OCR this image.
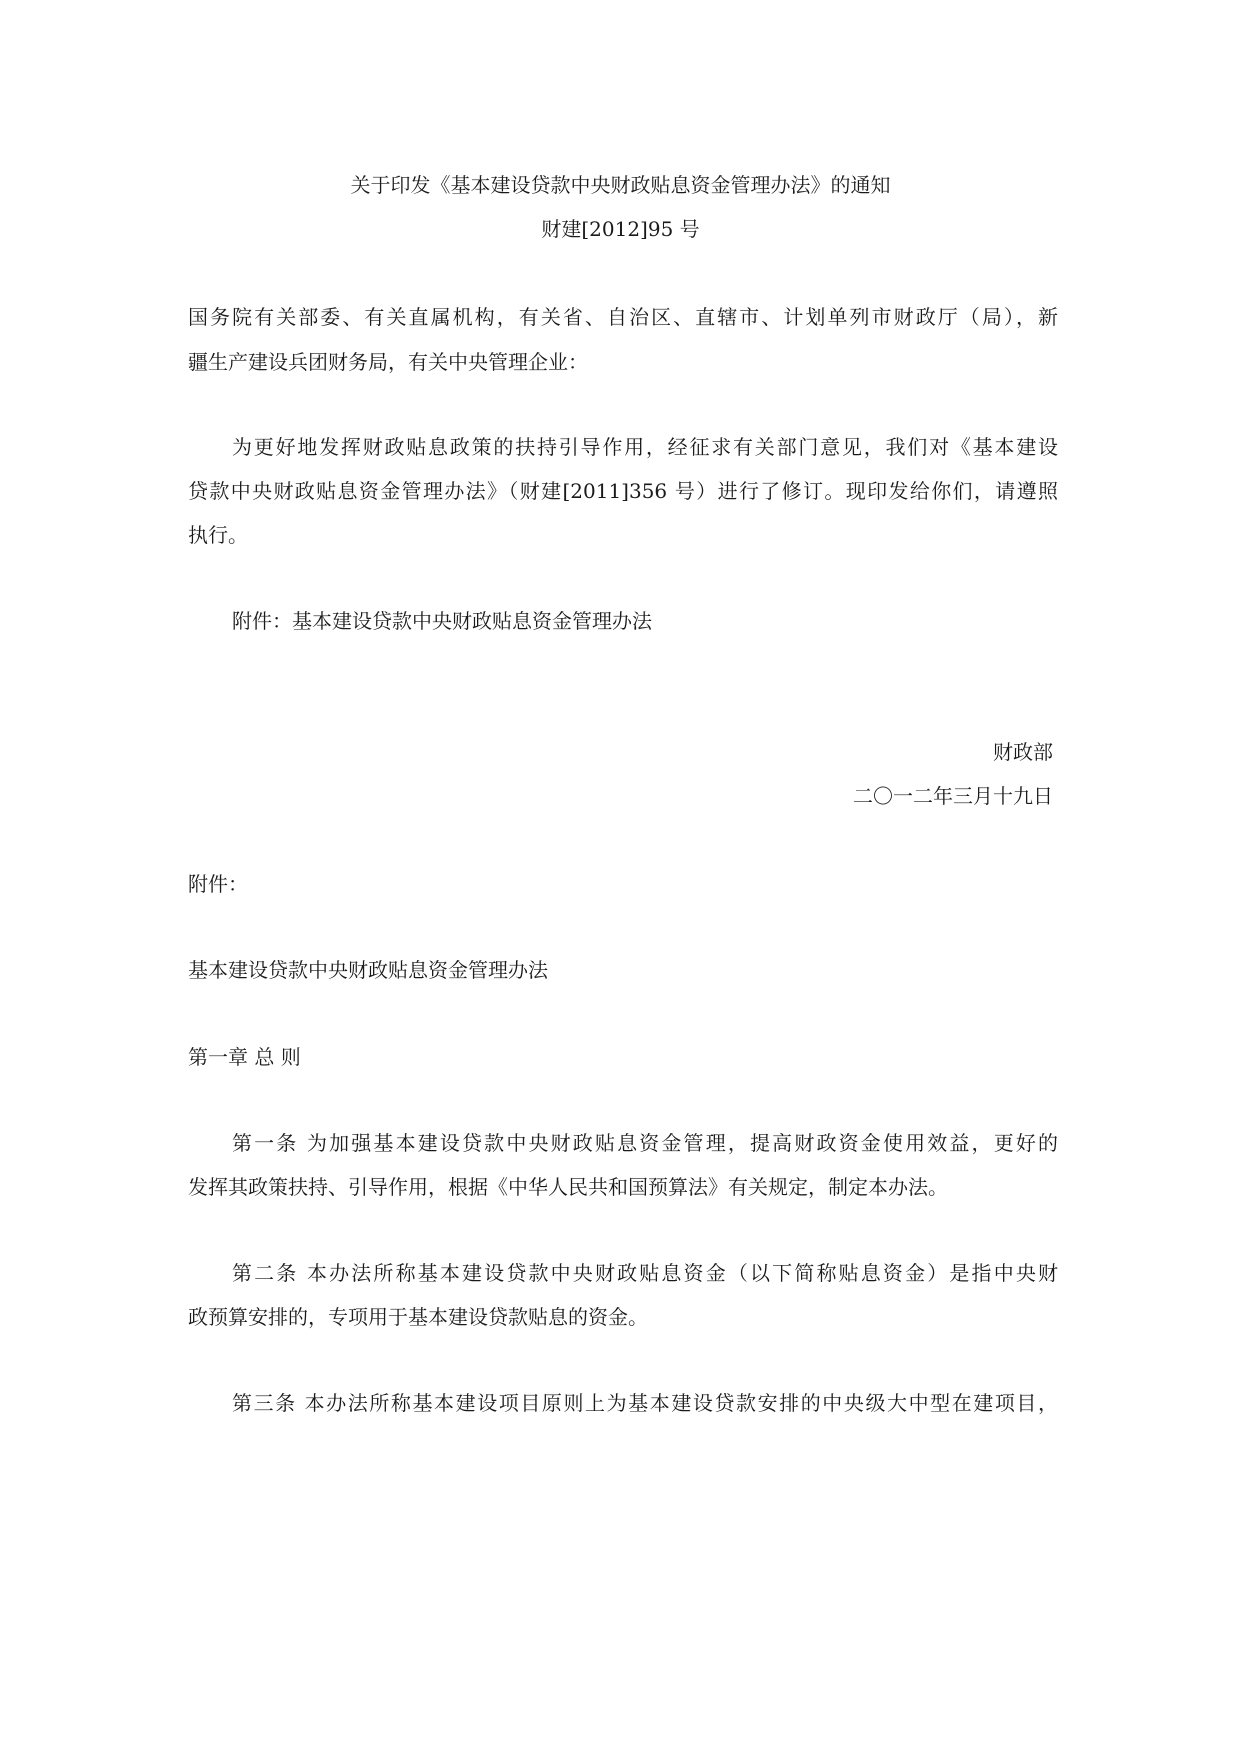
关于印发《基本建设贷款中央财政贴息资金管理办法》的通知
财建[2012]95 号
国务院有关部委、有关直属机构，有关省、自治区、直辖市、计划单列市财政厅（局），新
疆生产建设兵团财务局，有关中央管理企业：
为更好地发挥财政贴息政策的扶持引导作用，经征求有关部门意见，我们对《基本建设
贷款中央财政贴息资金管理办法》（财建[2011]356 号）进行了修订。现印发给你们，请遵照
执行。
附件：基本建设贷款中央财政贴息资金管理办法
财政部
二〇一二年三月十九日
附件：
基本建设贷款中央财政贴息资金管理办法
第一章 总 则
第一条 为加强基本建设贷款中央财政贴息资金管理，提高财政资金使用效益，更好的
发挥其政策扶持、引导作用，根据《中华人民共和国预算法》有关规定，制定本办法。
第二条 本办法所称基本建设贷款中央财政贴息资金（以下简称贴息资金）是指中央财
政预算安排的，专项用于基本建设贷款贴息的资金。
第三条 本办法所称基本建设项目原则上为基本建设贷款安排的中央级大中型在建项目，
